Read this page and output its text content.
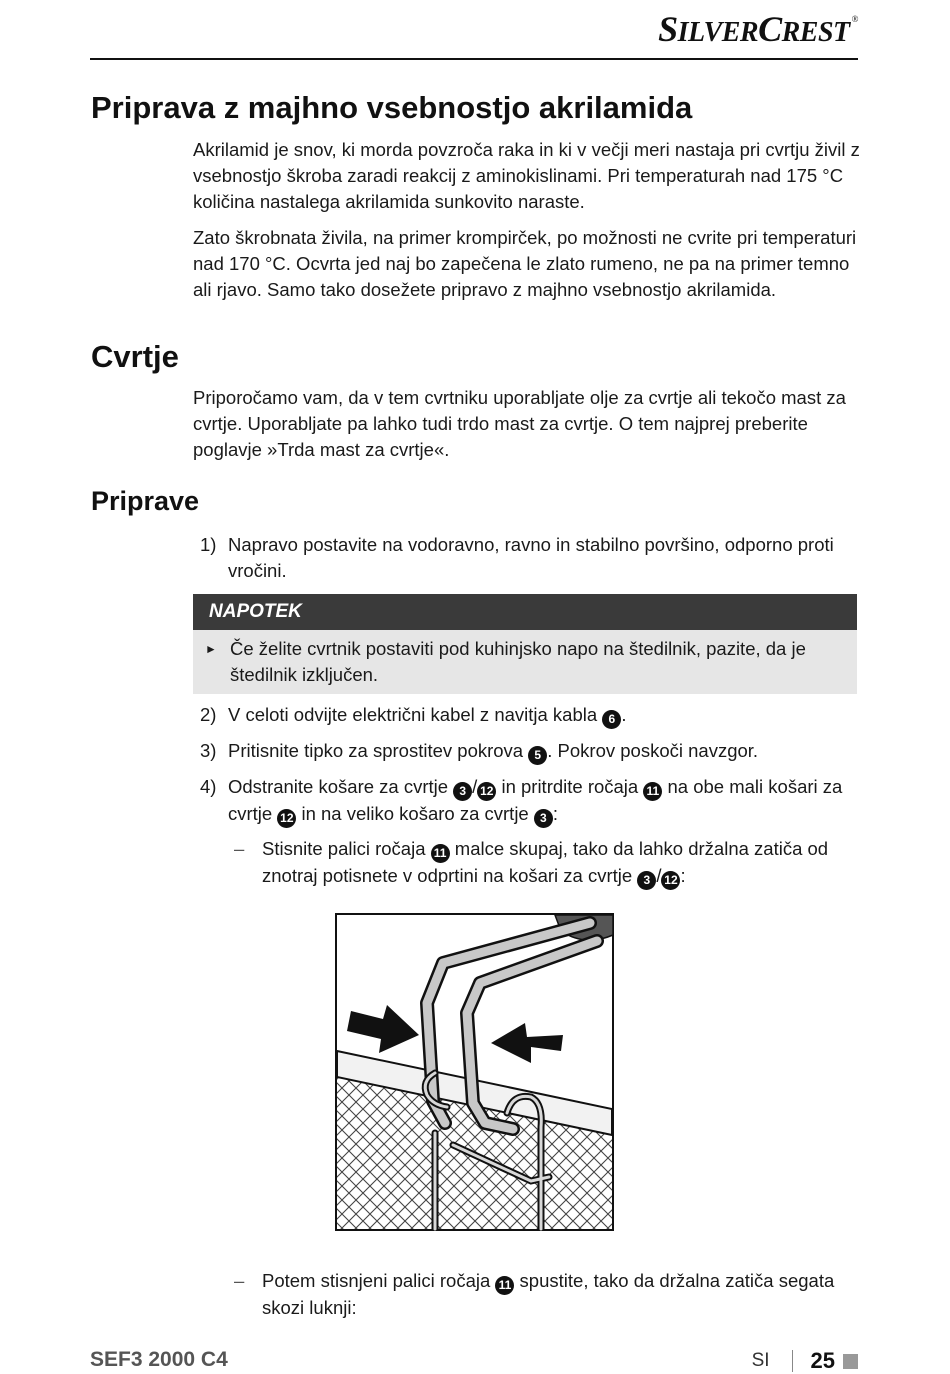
SILVERCREST ®
Priprava z majhno vsebnostjo akrilamida

Akrilamid je snov, ki morda povzroča raka in ki v večji meri nastaja pri cvrtju živil z vsebnostjo škroba zaradi reakcij z aminokislinami. Pri temperaturah nad 175 °C količina nastalega akrilamida sunkovito naraste.

Zato škrobnata živila, na primer krompirček, po možnosti ne cvrite pri temperaturi nad 170 °C. Ocvrta jed naj bo zapečena le zlato rumeno, ne pa na primer temno ali rjavo. Samo tako dosežete pripravo z majhno vsebnostjo akrilamida.

Cvrtje

Priporočamo vam, da v tem cvrtniku uporabljate olje za cvrtje ali tekočo mast za cvrtje. Uporabljate pa lahko tudi trdo mast za cvrtje. O tem najprej preberite poglavje »Trda mast za cvrtje«.

Priprave
1) Napravo postavite na vodoravno, ravno in stabilno površino, odporno proti vročini.
NAPOTEK
► Če želite cvrtnik postaviti pod kuhinjsko napo na štedilnik, pazite, da je štedilnik izključen.
2) V celoti odvijte električni kabel z navitja kabla 6 .
3) Pritisnite tipko za sprostitev pokrova 5 . Pokrov poskoči navzgor.
4) Odstranite košare za cvrtje 3 / 12 in pritrdite ročaja 11 na obe mali košari za cvrtje 12 in na veliko košaro za cvrtje 3 :
– Stisnite palici ročaja 11 malce skupaj, tako da lahko držalna zatiča od znotraj potisnete v odprtini na košari za cvrtje 3 / 12 :
– Potem stisnjeni palici ročaja 11 spustite, tako da držalna zatiča segata skozi luknji:
SEF3 2000 C4	SI 25
